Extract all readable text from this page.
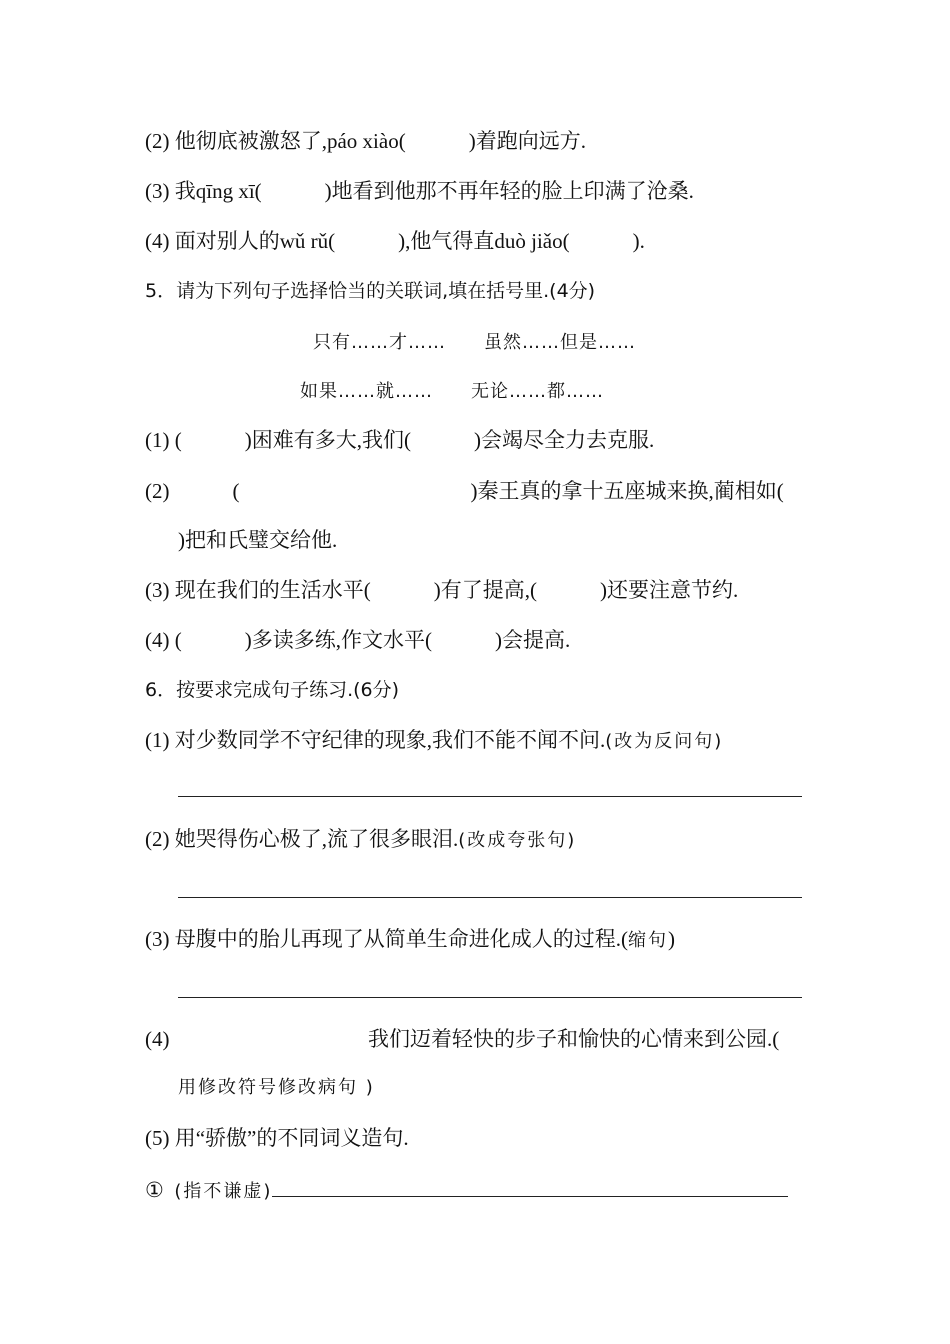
(2) 他彻底被激怒了,páo xiào(　　　)着跑向远方.
(3) 我qīng xī(　　　)地看到他那不再年轻的脸上印满了沧桑.
(4) 面对别人的wǔ rǔ(　　　),他气得直duò jiǎo(　　　).
5．请为下列句子选择恰当的关联词,填在括号里.(4分)
只有……才……　　虽然……但是……
如果……就……　　无论……都……
(1) (　　　)困难有多大,我们(　　　)会竭尽全力去克服.
(2)　　　(　　　　　　　　　　　)秦王真的拿十五座城来换,蔺相如(
)把和氏璧交给他.
(3) 现在我们的生活水平(　　　)有了提高,(　　　)还要注意节约.
(4) (　　　)多读多练,作文水平(　　　)会提高.
6．按要求完成句子练习.(6分)
(1) 对少数同学不守纪律的现象,我们不能不闻不问.(改为反问句)
(2) 她哭得伤心极了,流了很多眼泪.(改成夸张句)
(3) 母腹中的胎儿再现了从简单生命进化成人的过程.(缩句)
(4)	我们迈着轻快的步子和愉快的心情来到公园.(
用修改符号修改病句 )
(5) 用“骄傲”的不同词义造句.
① (指不谦虚)
